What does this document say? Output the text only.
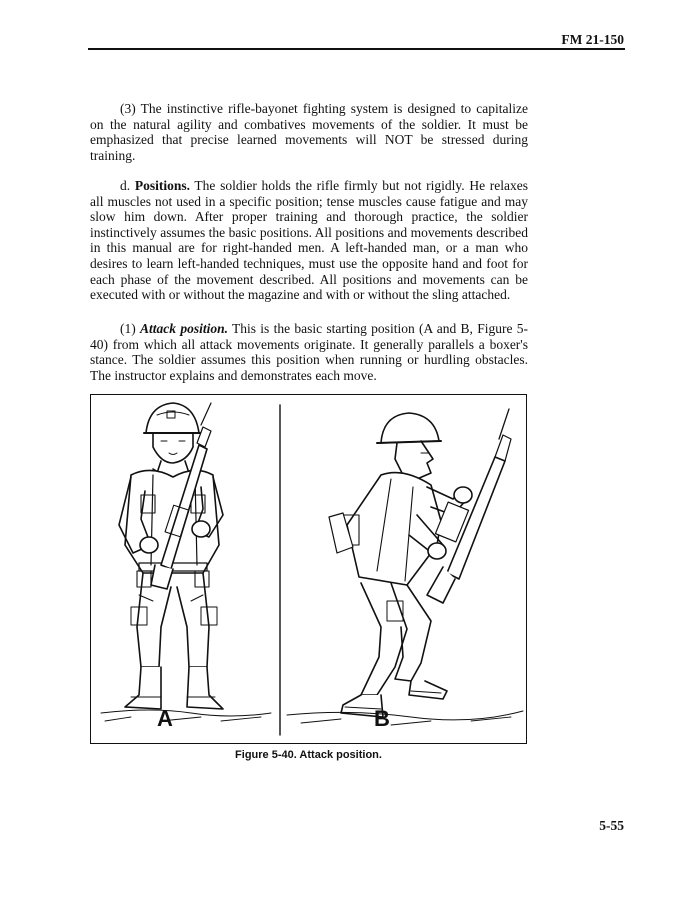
FM 21-150

(3) The instinctive rifle-bayonet fighting system is designed to capitalize on the natural agility and combatives movements of the soldier. It must be emphasized that precise learned movements will NOT be stressed during training.

d. Positions. The soldier holds the rifle firmly but not rigidly. He relaxes all muscles not used in a specific position; tense muscles cause fatigue and may slow him down. After proper training and thorough practice, the soldier instinctively assumes the basic positions. All positions and movements described in this manual are for right-handed men. A left-handed man, or a man who desires to learn left-handed techniques, must use the opposite hand and foot for each phase of the movement described. All positions and movements can be executed with or without the magazine and with or without the sling attached.

(1) Attack position. This is the basic starting position (A and B, Figure 5-40) from which all attack movements originate. It generally parallels a boxer's stance. The soldier assumes this position when running or hurdling obstacles. The instructor explains and demonstrates each move.

A	B
Figure 5-40. Attack position.
5-55
